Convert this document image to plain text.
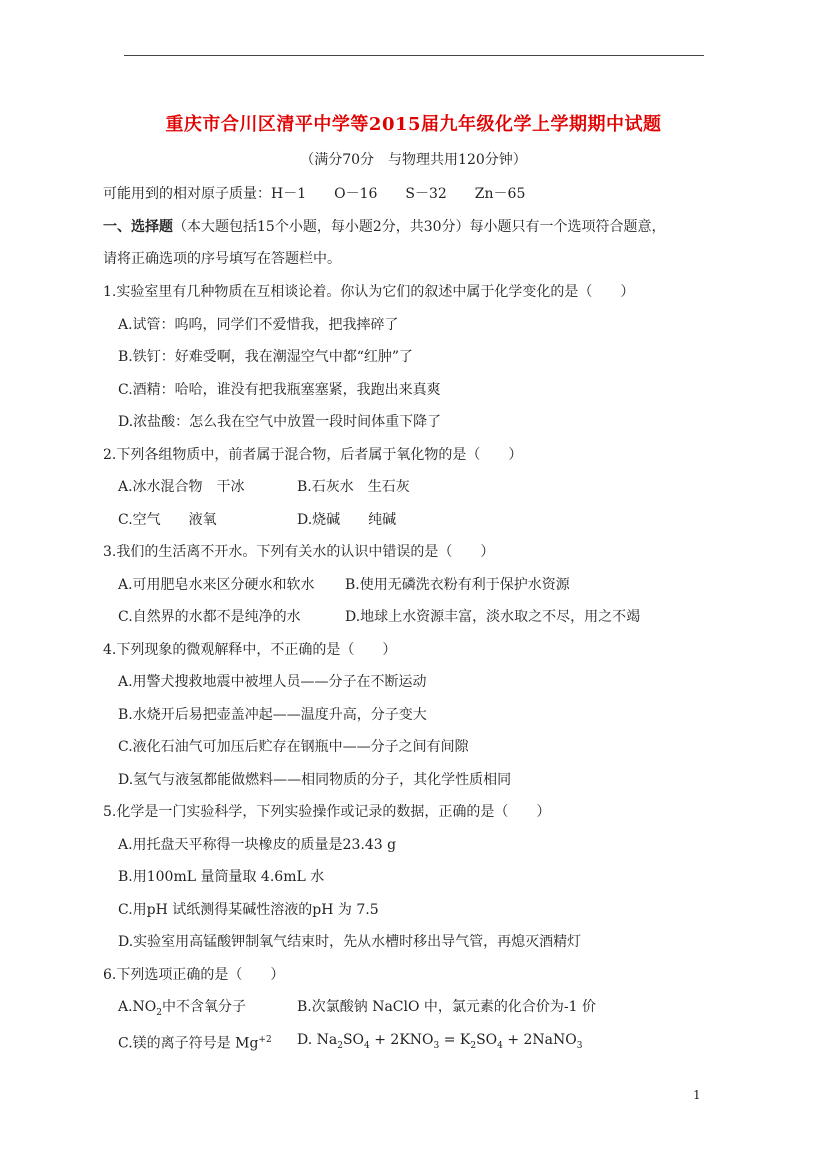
重庆市合川区清平中学等2015届九年级化学上学期期中试题
（满分70分　与物理共用120分钟）
可能用到的相对原子质量：H－1　　O－16　　S－32　　Zn－65
一、选择题（本大题包括15个小题，每小题2分，共30分）每小题只有一个选项符合题意，
请将正确选项的序号填写在答题栏中。
1.实验室里有几种物质在互相谈论着。你认为它们的叙述中属于化学变化的是（　　）
A.试管：呜呜，同学们不爱惜我，把我摔碎了
B.铁钉：好难受啊，我在潮湿空气中都“红肿”了
C.酒精：哈哈，谁没有把我瓶塞塞紧，我跑出来真爽
D.浓盐酸：怎么我在空气中放置一段时间体重下降了
2.下列各组物质中，前者属于混合物，后者属于氧化物的是（　　）
A.冰水混合物　干冰	B.石灰水　生石灰
C.空气　　液氧	D.烧碱　　纯碱
3.我们的生活离不开水。下列有关水的认识中错误的是（　　）
A.可用肥皂水来区分硬水和软水 B.使用无磷洗衣粉有利于保护水资源
C.自然界的水都不是纯净的水	D.地球上水资源丰富，淡水取之不尽，用之不竭
4.下列现象的微观解释中，不正确的是（　　）
A.用警犬搜救地震中被埋人员——分子在不断运动
B.水烧开后易把壶盖冲起——温度升高，分子变大
C.液化石油气可加压后贮存在钢瓶中——分子之间有间隙
D.氢气与液氢都能做燃料——相同物质的分子，其化学性质相同
5.化学是一门实验科学，下列实验操作或记录的数据，正确的是（　　）
A.用托盘天平称得一块橡皮的质量是23.43 g
B.用100mL 量筒量取 4.6mL 水
C.用pH 试纸测得某碱性溶液的pH 为 7.5
D.实验室用高锰酸钾制氧气结束时，先从水槽时移出导气管，再熄灭酒精灯
6.下列选项正确的是（　　）
$A.NO_2$中不含氧分子	B.次氯酸钠 NaClO 中，氯元素的化合价为-1 价
C.镁的离子符号是 $Mg^{+2}$ D. $Na_2SO_4 + 2KNO_3 = K_2SO_4$ + 2NaNO$_3$
1
